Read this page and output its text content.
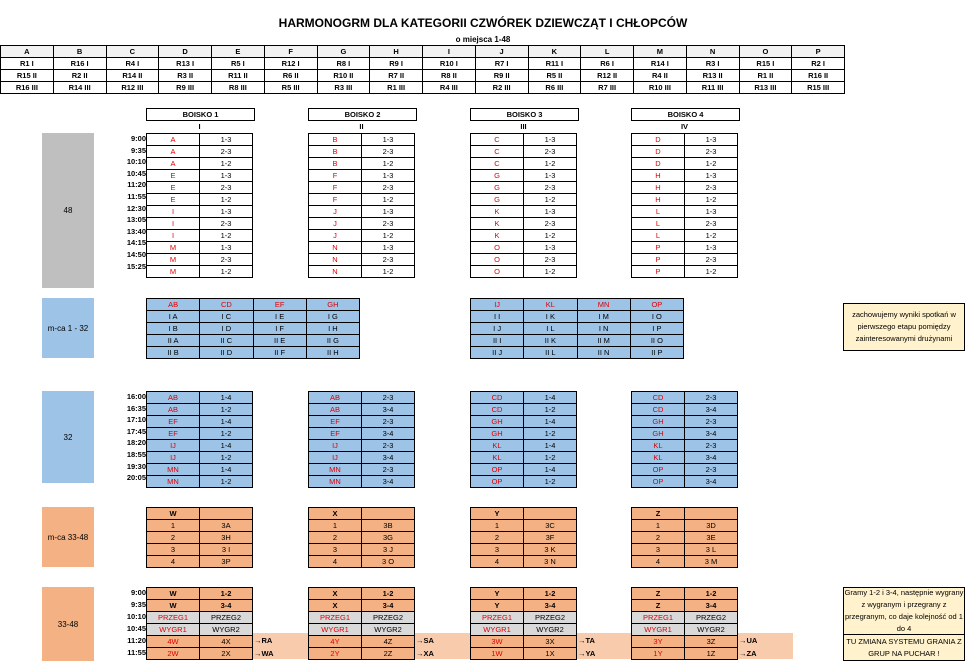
HARMONOGRM DLA KATEGORII CZWÓREK DZIEWCZĄT I CHŁOPCÓW
o miejsca 1-48
A	B	C	D	E	F	G	H	I	J	K	L	M	N	O	P
R1 I	R16 I	R4 I	R13 I	R5 I	R12 I	R8 I	R9 I	R10 I	R7 I	R11 I	R6 I	R14 I	R3 I	R15 I	R2 I
R15 II	R2 II	R14 II	R3 II	R11 II	R6 II	R10 II	R7 II	R8 II	R9 II	R5 II	R12 II	R4 II	R13 II	R1 II	R16 II
R16 III	R14 III	R12 III	R9 III	R8 III	R5 III	R3 III	R1 III	R4 III	R2 III	R6 III	R7 III	R10 III	R11 III	R13 III	R15 III
BOISKO 1
I
BOISKO 2
II
BOISKO 3
III
BOISKO 4
IV
48
m-ca 1 - 32
32
m-ca 33-48
33-48
9:00
9:35
10:10
10:45
11:20
11:55
12:30
13:05
13:40
14:15
14:50
15:25
A	1-3
A	2-3
A	1-2
E	1-3
E	2-3
E	1-2
I	1-3
I	2-3
I	1-2
M	1-3
M	2-3
M	1-2
B	1-3
B	2-3
B	1-2
F	1-3
F	2-3
F	1-2
J	1-3
J	2-3
J	1-2
N	1-3
N	2-3
N	1-2
C	1-3
C	2-3
C	1-2
G	1-3
G	2-3
G	1-2
K	1-3
K	2-3
K	1-2
O	1-3
O	2-3
O	1-2
D	1-3
D	2-3
D	1-2
H	1-3
H	2-3
H	1-2
L	1-3
L	2-3
L	1-2
P	1-3
P	2-3
P	1-2
AB	CD	EF	GH
I A	I C	I E	I G
I B	I D	I F	I H
II A	II C	II E	II G
II B	II D	II F	II H
IJ	KL	MN	OP
I I	I K	I M	I O
I J	I L	I N	I P
II I	II K	II M	II O
II J	II L	II N	II P
zachowujemy wyniki spotkań w pierwszego etapu pomiędzy zainteresowanymi drużynami
16:00
16:35
17:10
17:45
18:20
18:55
19:30
20:05
AB	1-4
AB	1-2
EF	1-4
EF	1-2
IJ	1-4
IJ	1-2
MN	1-4
MN	1-2
AB	2-3
AB	3-4
EF	2-3
EF	3-4
IJ	2-3
IJ	3-4
MN	2-3
MN	3-4
CD	1-4
CD	1-2
GH	1-4
GH	1-2
KL	1-4
KL	1-2
OP	1-4
OP	1-2
CD	2-3
CD	3-4
GH	2-3
GH	3-4
KL	2-3
KL	3-4
OP	2-3
OP	3-4
W	
1	3A
2	3H
3	3 I
4	3P
X	
1	3B
2	3G
3	3 J
4	3 O
Y	
1	3C
2	3F
3	3 K
4	3 N
Z	
1	3D
2	3E
3	3 L
4	3 M
9:00
9:35
10:10
10:45
11:20
11:55
W	1-2
W	3-4
PRZEG1	PRZEG2
WYGR1	WYGR2
4W	4X
2W	2X
→RA
→WA
X	1-2
X	3-4
PRZEG1	PRZEG2
WYGR1	WYGR2
4Y	4Z
2Y	2Z
→SA
→XA
Y	1-2
Y	3-4
PRZEG1	PRZEG2
WYGR1	WYGR2
3W	3X
1W	1X
→TA
→YA
Z	1-2
Z	3-4
PRZEG1	PRZEG2
WYGR1	WYGR2
3Y	3Z
1Y	1Z
→UA
→ZA
Gramy 1-2 i 3-4, następnie wygrany z wygranym i przegrany z przegranym, co daje kolejność od 1 do 4
TU ZMIANA SYSTEMU GRANIA Z GRUP NA PUCHAR !
